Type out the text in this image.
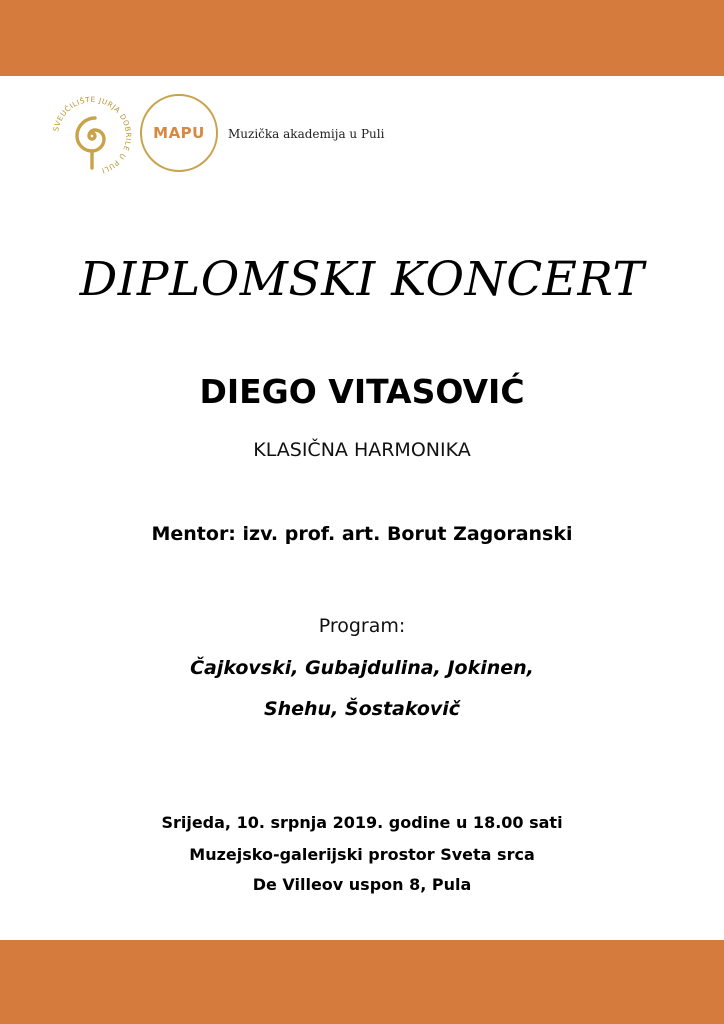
SVEUČILIŠTE JURJA DOBRILE U PULI
MAPU Muzička akademija u Puli
DIPLOMSKI KONCERT
DIEGO VITASOVIĆ
KLASIČNA HARMONIKA
Mentor: izv. prof. art. Borut Zagoranski
Program:
Čajkovski, Gubajdulina, Jokinen,
Shehu, Šostakovič
Srijeda, 10. srpnja 2019. godine u 18.00 sati
Muzejsko-galerijski prostor Sveta srca
De Villeov uspon 8, Pula
